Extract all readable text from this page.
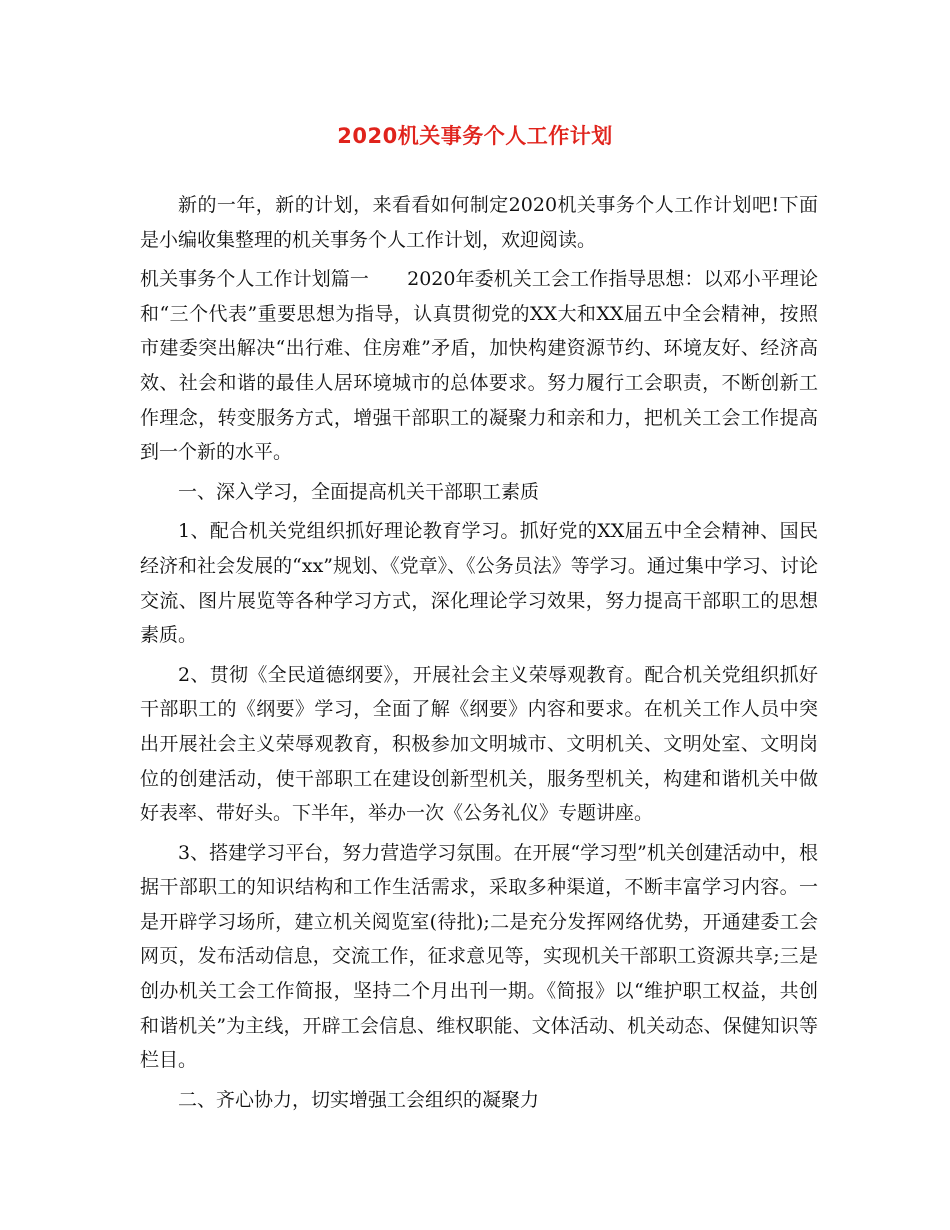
2020机关事务个人工作计划

新的一年，新的计划，来看看如何制定2020机关事务个人工作计划吧!下面是小编收集整理的机关事务个人工作计划，欢迎阅读。

机关事务个人工作计划篇一　　2020年委机关工会工作指导思想：以邓小平理论和“三个代表”重要思想为指导，认真贯彻党的XX大和XX届五中全会精神，按照市建委突出解决“出行难、住房难”矛盾，加快构建资源节约、环境友好、经济高效、社会和谐的最佳人居环境城市的总体要求。努力履行工会职责，不断创新工作理念，转变服务方式，增强干部职工的凝聚力和亲和力，把机关工会工作提高到一个新的水平。

一、深入学习，全面提高机关干部职工素质

1、配合机关党组织抓好理论教育学习。抓好党的XX届五中全会精神、国民经济和社会发展的“xx”规划、《党章》、《公务员法》等学习。通过集中学习、讨论交流、图片展览等各种学习方式，深化理论学习效果，努力提高干部职工的思想素质。

2、贯彻《全民道德纲要》，开展社会主义荣辱观教育。配合机关党组织抓好干部职工的《纲要》学习，全面了解《纲要》内容和要求。在机关工作人员中突出开展社会主义荣辱观教育，积极参加文明城市、文明机关、文明处室、文明岗位的创建活动，使干部职工在建设创新型机关，服务型机关，构建和谐机关中做好表率、带好头。下半年，举办一次《公务礼仪》专题讲座。

3、搭建学习平台，努力营造学习氛围。在开展“学习型”机关创建活动中，根据干部职工的知识结构和工作生活需求，采取多种渠道，不断丰富学习内容。一是开辟学习场所，建立机关阅览室(待批);二是充分发挥网络优势，开通建委工会网页，发布活动信息，交流工作，征求意见等，实现机关干部职工资源共享;三是创办机关工会工作简报，坚持二个月出刊一期。《简报》以“维护职工权益，共创和谐机关”为主线，开辟工会信息、维权职能、文体活动、机关动态、保健知识等栏目。

二、齐心协力，切实增强工会组织的凝聚力
